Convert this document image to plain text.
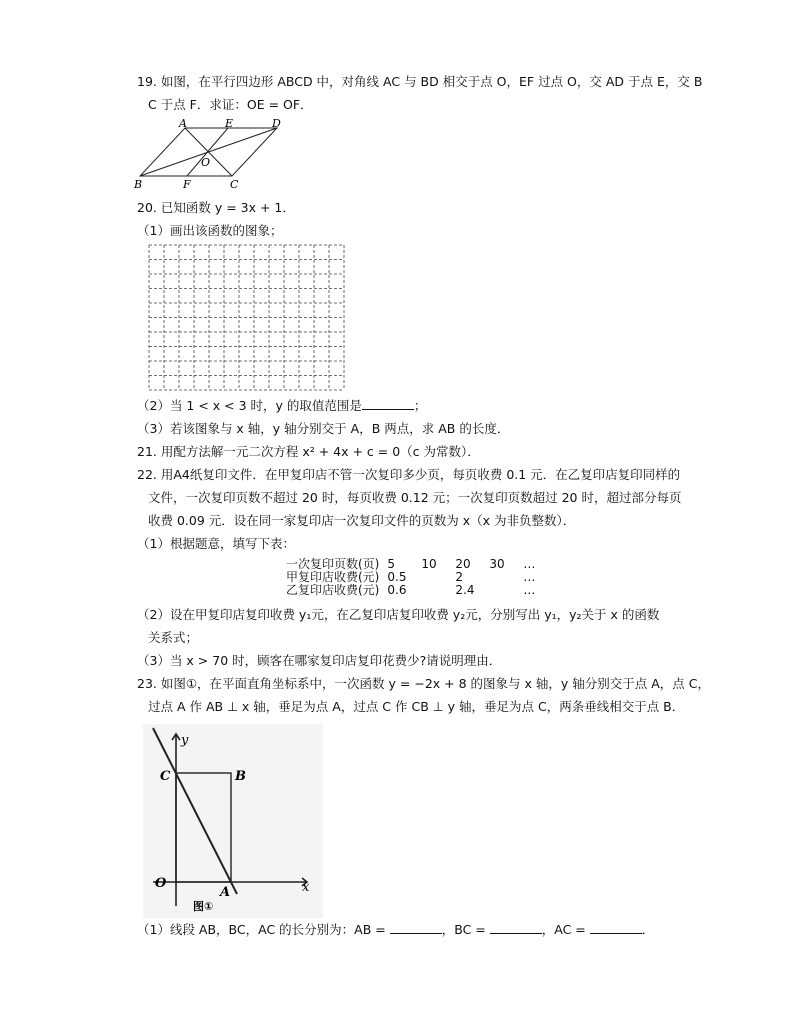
19. 如图，在平行四边形 ABCD 中，对角线 AC 与 BD 相交于点 O，EF 过点 O，交 AD 于点 E，交 B
C 于点 F．求证：OE = OF．
A	E	D
O
B	F	C
20. 已知函数 y = 3x + 1．
（1）画出该函数的图象；
（2）当 1 < x < 3 时，y 的取值范围是	；
（3）若该图象与 x 轴，y 轴分别交于 A，B 两点，求 AB 的长度．
21. 用配方法解一元二次方程 x² + 4x + c = 0（c 为常数）．
22. 用A4纸复印文件．在甲复印店不管一次复印多少页，每页收费 0.1 元．在乙复印店复印同样的
文件，一次复印页数不超过 20 时，每页收费 0.12 元；一次复印页数超过 20 时，超过部分每页
收费 0.09 元．设在同一家复印店一次复印文件的页数为 x（x 为非负整数）．
（1）根据题意，填写下表：
一次复印页数(页)	5	10	20	30	…
甲复印店收费(元)	0.5		2		…
乙复印店收费(元)	0.6		2.4		…
（2）设在甲复印店复印收费 y₁元，在乙复印店复印收费 y₂元，分别写出 y₁，y₂关于 x 的函数
关系式；
（3）当 x > 70 时，顾客在哪家复印店复印花费少?请说明理由．
23. 如图①，在平面直角坐标系中，一次函数 y = −2x + 8 的图象与 x 轴，y 轴分别交于点 A，点 C，
过点 A 作 AB ⊥ x 轴，垂足为点 A，过点 C 作 CB ⊥ y 轴，垂足为点 C，两条垂线相交于点 B．
y
x
C	B
O
A
图①
（1）线段 AB，BC，AC 的长分别为：AB =	，BC =	，AC =	．
